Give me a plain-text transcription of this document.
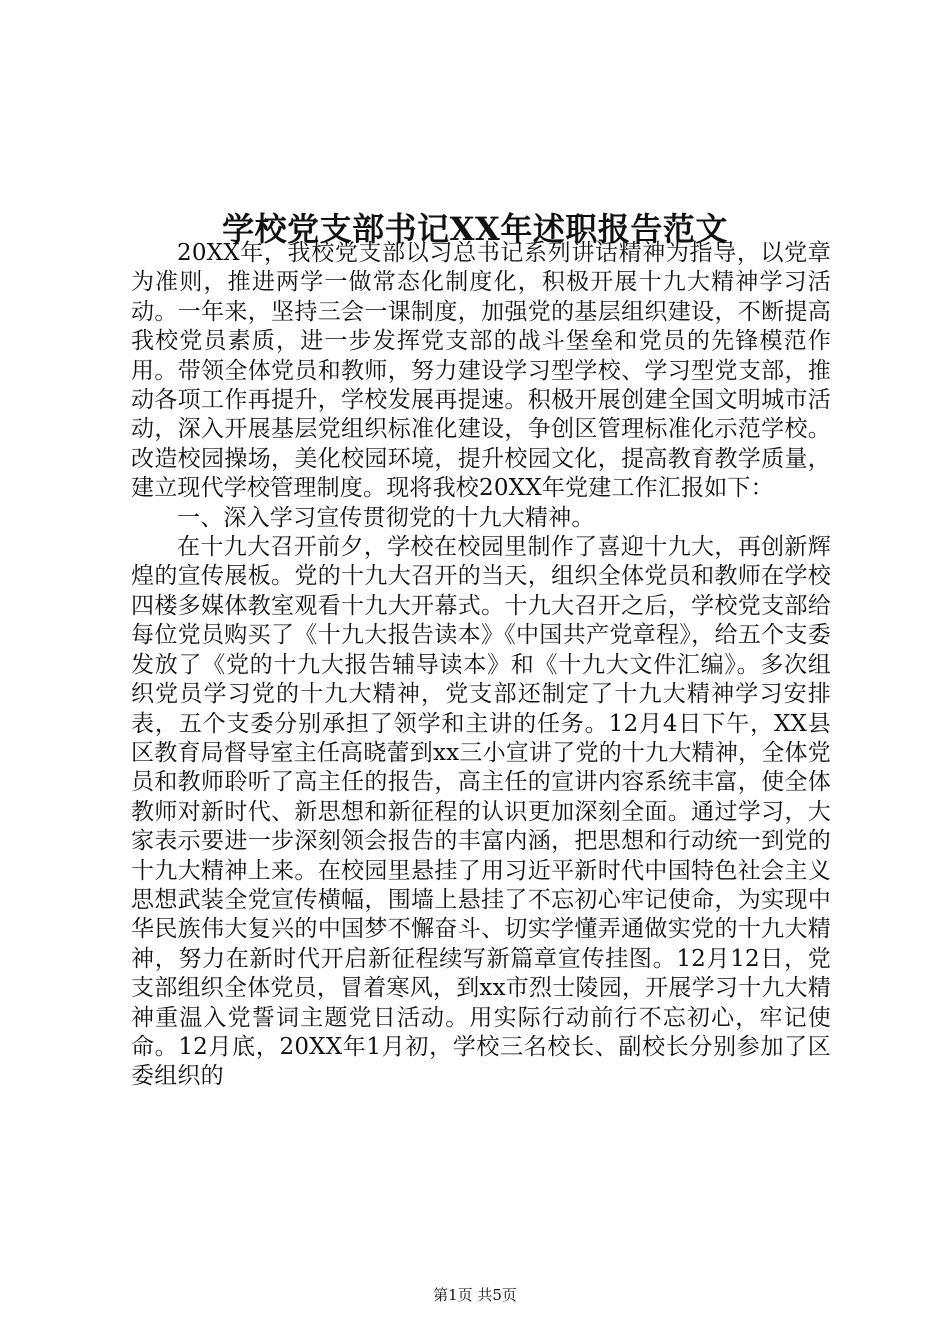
学校党支部书记XX年述职报告范文

20XX年，我校党支部以习总书记系列讲话精神为指导，以党章为准则，推进两学一做常态化制度化，积极开展十九大精神学习活动。一年来，坚持三会一课制度，加强党的基层组织建设，不断提高我校党员素质，进一步发挥党支部的战斗堡垒和党员的先锋模范作用。带领全体党员和教师，努力建设学习型学校、学习型党支部，推动各项工作再提升，学校发展再提速。积极开展创建全国文明城市活动，深入开展基层党组织标准化建设，争创区管理标准化示范学校。改造校园操场，美化校园环境，提升校园文化，提高教育教学质量，建立现代学校管理制度。现将我校20XX年党建工作汇报如下：

一、深入学习宣传贯彻党的十九大精神。

在十九大召开前夕，学校在校园里制作了喜迎十九大，再创新辉煌的宣传展板。党的十九大召开的当天，组织全体党员和教师在学校四楼多媒体教室观看十九大开幕式。十九大召开之后，学校党支部给每位党员购买了《十九大报告读本》《中国共产党章程》，给五个支委发放了《党的十九大报告辅导读本》和《十九大文件汇编》。多次组织党员学习党的十九大精神，党支部还制定了十九大精神学习安排表，五个支委分别承担了领学和主讲的任务。12月4日下午，XX县区教育局督导室主任高晓蕾到xx三小宣讲了党的十九大精神，全体党员和教师聆听了高主任的报告，高主任的宣讲内容系统丰富，使全体教师对新时代、新思想和新征程的认识更加深刻全面。通过学习，大家表示要进一步深刻领会报告的丰富内涵，把思想和行动统一到党的十九大精神上来。在校园里悬挂了用习近平新时代中国特色社会主义思想武装全党宣传横幅，围墙上悬挂了不忘初心牢记使命，为实现中华民族伟大复兴的中国梦不懈奋斗、切实学懂弄通做实党的十九大精神，努力在新时代开启新征程续写新篇章宣传挂图。12月12日，党支部组织全体党员，冒着寒风，到xx市烈士陵园，开展学习十九大精神重温入党誓词主题党日活动。用实际行动前行不忘初心，牢记使命。12月底，20XX年1月初，学校三名校长、副校长分别参加了区委组织的

第1页 共5页
